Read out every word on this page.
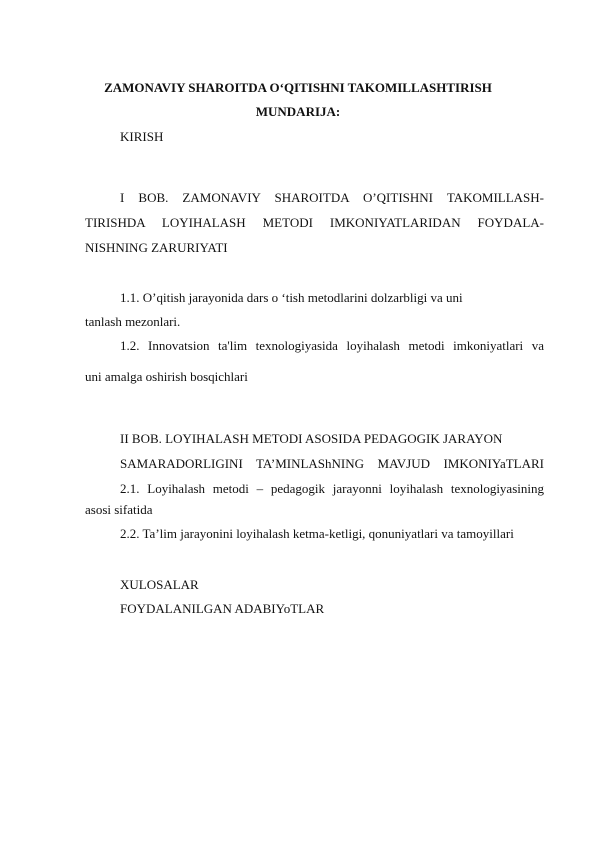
ZAMONAVIY SHAROITDA O‘QITISHNI TAKOMILLASHTIRISH
MUNDARIJA:
KIRISH
I BOB. ZAMONAVIY SHAROITDA O’QITISHNI TAKOMILLASH-
TIRISHDA LOYIHALASH METODI IMKONIYATLARIDAN FOYDALA-
NISHNING ZARURIYATI
1.1. O’qitish jarayonida dars o ‘tish metodlarini dolzarbligi va uni
tanlash mezonlari.
1.2. Innovatsion ta'lim texnologiyasida loyihalash metodi imkoniyatlari va
uni amalga oshirish bosqichlari
II BOB. LOYIHALASH METODI ASOSIDA PEDAGOGIK JARAYON
SAMARADORLIGINI TA’MINLAShNING MAVJUD IMKONIYaTLARI
2.1. Loyihalash metodi – pedagogik jarayonni loyihalash texnologiyasining
asosi sifatida
2.2. Ta’lim jarayonini loyihalash ketma-ketligi, qonuniyatlari va tamoyillari
XULOSALAR
FOYDALANILGAN ADABIYoTLAR
